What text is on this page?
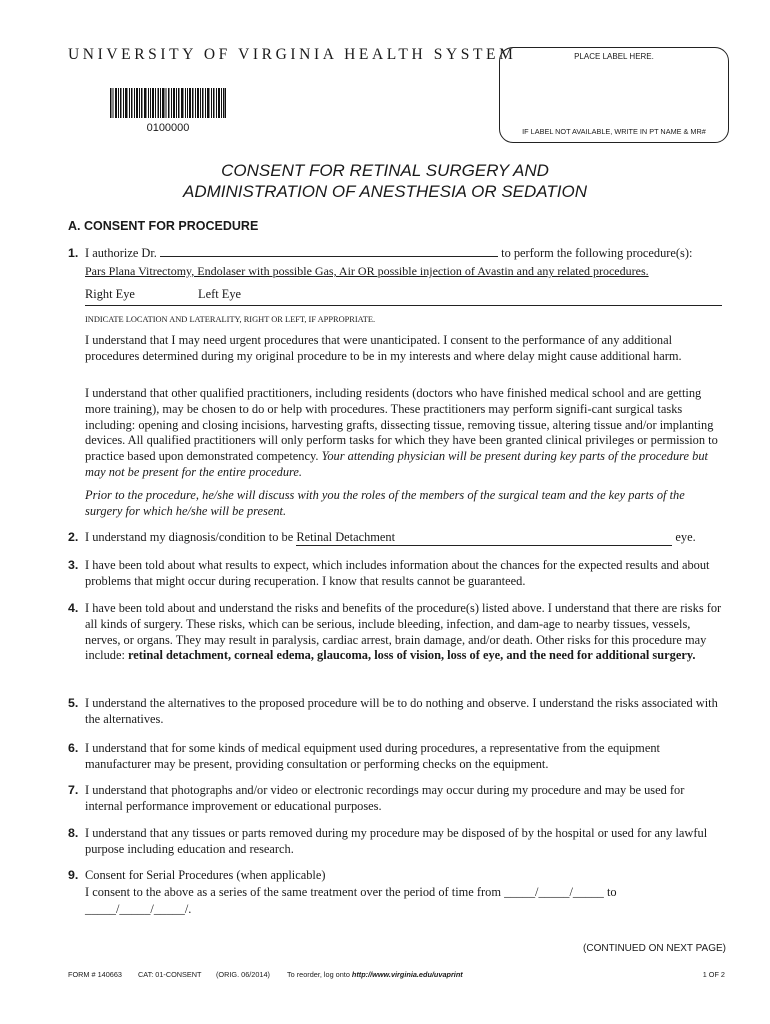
UNIVERSITY OF VIRGINIA HEALTH SYSTEM
0100000
PLACE LABEL HERE.
IF LABEL NOT AVAILABLE, WRITE IN PT NAME & MR#
CONSENT FOR RETINAL SURGERY AND
ADMINISTRATION OF ANESTHESIA OR SEDATION
A. CONSENT FOR PROCEDURE
1. I authorize Dr.	to perform the following procedure(s):
Pars Plana Vitrectomy, Endolaser with possible Gas, Air OR possible injection of Avastin and any related procedures.
Right Eye	Left Eye
INDICATE LOCATION AND LATERALITY, RIGHT OR LEFT, IF APPROPRIATE.
I understand that I may need urgent procedures that were unanticipated. I consent to the performance of any additional procedures determined during my original procedure to be in my interests and where delay might cause additional harm.
I understand that other qualified practitioners, including residents (doctors who have finished medical school and are getting more training), may be chosen to do or help with procedures. These practitioners may perform signifi-cant surgical tasks including: opening and closing incisions, harvesting grafts, dissecting tissue, removing tissue, altering tissue and/or implanting devices. All qualified practitioners will only perform tasks for which they have been granted clinical privileges or permission to practice based upon demonstrated competency. Your attending physician will be present during key parts of the procedure but may not be present for the entire procedure.
Prior to the procedure, he/she will discuss with you the roles of the members of the surgical team and the key parts of the surgery for which he/she will be present.
2. I understand my diagnosis/condition to be Retinal Detachment	eye.
3. I have been told about what results to expect, which includes information about the chances for the expected results and about problems that might occur during recuperation. I know that results cannot be guaranteed.
4. I have been told about and understand the risks and benefits of the procedure(s) listed above. I understand that there are risks for all kinds of surgery. These risks, which can be serious, include bleeding, infection, and dam-age to nearby tissues, vessels, nerves, or organs. They may result in paralysis, cardiac arrest, brain damage, and/or death. Other risks for this procedure may include: retinal detachment, corneal edema, glaucoma, loss of vision, loss of eye, and the need for additional surgery.
5. I understand the alternatives to the proposed procedure will be to do nothing and observe. I understand the risks associated with the alternatives.
6. I understand that for some kinds of medical equipment used during procedures, a representative from the equipment manufacturer may be present, providing consultation or performing checks on the equipment.
7. I understand that photographs and/or video or electronic recordings may occur during my procedure and may be used for internal performance improvement or educational purposes.
8. I understand that any tissues or parts removed during my procedure may be disposed of by the hospital or used for any lawful purpose including education and research.
9. Consent for Serial Procedures (when applicable)
I consent to the above as a series of the same treatment over the period of time from _____/_____/_____ to
_____/_____/_____/.
(CONTINUED ON NEXT PAGE)
FORM # 140663 CAT: 01-CONSENT (ORIG. 06/2014) To reorder, log onto http://www.virginia.edu/uvaprint	1 OF 2
